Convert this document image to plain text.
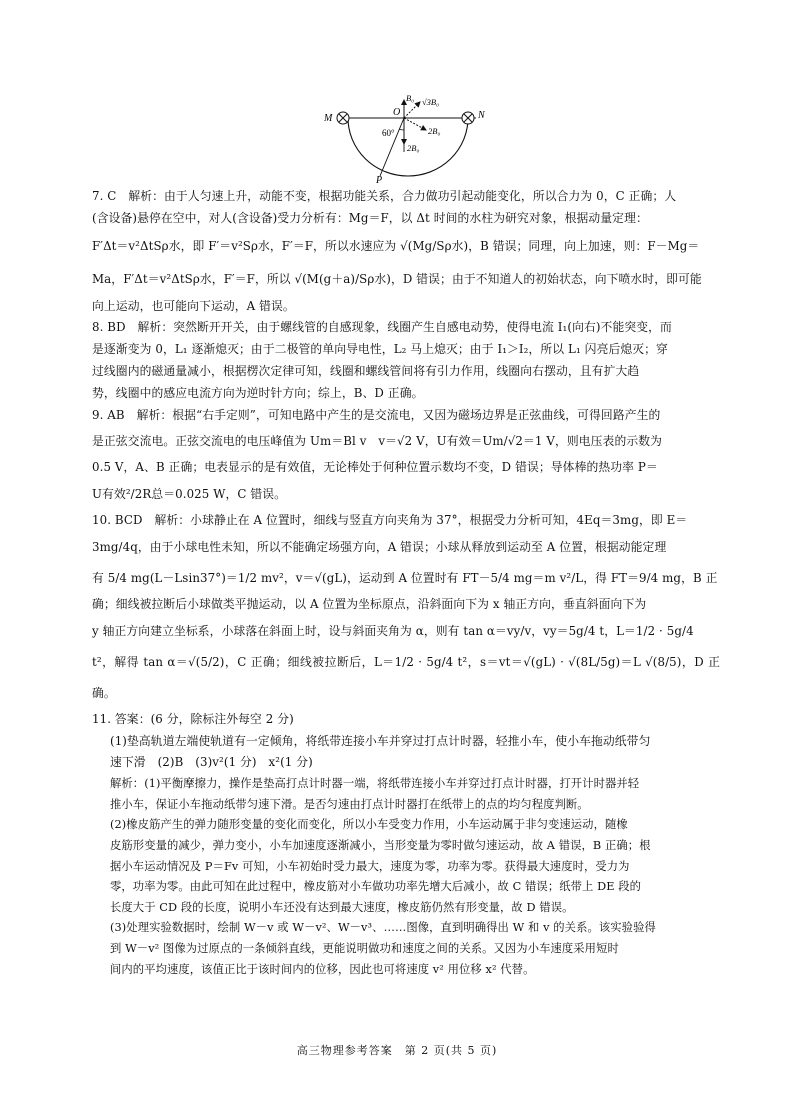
M	N
O
P
60°
B₀ √3B₀
2B₀
2B₀
7. C　解析：由于人匀速上升，动能不变，根据功能关系，合力做功引起动能变化，所以合力为 0，C 正确；人
(含设备)悬停在空中，对人(含设备)受力分析有：Mg＝F，以 Δt 时间的水柱为研究对象，根据动量定理：
F′Δt＝v²ΔtSρ水，即 F′＝v²Sρ水，F′＝F，所以水速应为 √(Mg/Sρ水)，B 错误；同理，向上加速，则：F－Mg＝
Ma，F′Δt＝v²ΔtSρ水，F′＝F，所以 √(M(g＋a)/Sρ水)，D 错误；由于不知道人的初始状态，向下喷水时，即可能
向上运动，也可能向下运动，A 错误。
8. BD　解析：突然断开开关，由于螺线管的自感现象，线圈产生自感电动势，使得电流 I₁(向右)不能突变，而
是逐渐变为 0，L₁ 逐渐熄灭；由于二极管的单向导电性，L₂ 马上熄灭；由于 I₁＞I₂，所以 L₁ 闪亮后熄灭；穿
过线圈内的磁通量减小，根据楞次定律可知，线圈和螺线管间将有引力作用，线圈向右摆动，且有扩大趋
势，线圈中的感应电流方向为逆时针方向；综上，B、D 正确。
9. AB　解析：根据“右手定则”，可知电路中产生的是交流电，又因为磁场边界是正弦曲线，可得回路产生的
是正弦交流电。正弦交流电的电压峰值为 Um＝Bl v　v＝√2 V，U有效＝Um/√2＝1 V，则电压表的示数为
0.5 V，A、B 正确；电表显示的是有效值，无论棒处于何种位置示数均不变，D 错误；导体棒的热功率 P＝
U有效²/2R总＝0.025 W，C 错误。
10. BCD　解析：小球静止在 A 位置时，细线与竖直方向夹角为 37°，根据受力分析可知，4Eq＝3mg，即 E＝
3mg/4q，由于小球电性未知，所以不能确定场强方向，A 错误；小球从释放到运动至 A 位置，根据动能定理
有 5/4 mg(L－Lsin37°)＝1/2 mv²，v＝√(gL)，运动到 A 位置时有 FT－5/4 mg＝m v²/L，得 FT＝9/4 mg，B 正
确；细线被拉断后小球做类平抛运动，以 A 位置为坐标原点，沿斜面向下为 x 轴正方向，垂直斜面向下为
y 轴正方向建立坐标系，小球落在斜面上时，设与斜面夹角为 α，则有 tan α＝vy/v，vy＝5g/4 t，L＝1/2 · 5g/4
t²，解得 tan α＝√(5/2)，C 正确；细线被拉断后，L＝1/2 · 5g/4 t²，s＝vt＝√(gL) · √(8L/5g)＝L √(8/5)，D 正确。
11. 答案：(6 分，除标注外每空 2 分)
(1)垫高轨道左端使轨道有一定倾角，将纸带连接小车并穿过打点计时器，轻推小车，使小车拖动纸带匀
速下滑　(2)B　(3)v²(1 分)　x²(1 分)
解析：(1)平衡摩擦力，操作是垫高打点计时器一端，将纸带连接小车并穿过打点计时器，打开计时器并轻
推小车，保证小车拖动纸带匀速下滑。是否匀速由打点计时器打在纸带上的点的均匀程度判断。
(2)橡皮筋产生的弹力随形变量的变化而变化，所以小车受变力作用，小车运动属于非匀变速运动，随橡
皮筋形变量的减少，弹力变小，小车加速度逐渐减小，当形变量为零时做匀速运动，故 A 错误，B 正确；根
据小车运动情况及 P＝Fv 可知，小车初始时受力最大，速度为零，功率为零。获得最大速度时，受力为
零，功率为零。由此可知在此过程中，橡皮筋对小车做功功率先增大后减小，故 C 错误；纸带上 DE 段的
长度大于 CD 段的长度，说明小车还没有达到最大速度，橡皮筋仍然有形变量，故 D 错误。
(3)处理实验数据时，绘制 W－v 或 W－v²、W－v³、……图像，直到明确得出 W 和 v 的关系。该实验验得
到 W－v² 图像为过原点的一条倾斜直线，更能说明做功和速度之间的关系。又因为小车速度采用短时
间内的平均速度，该值正比于该时间内的位移，因此也可将速度 v² 用位移 x² 代替。
高三物理参考答案　第 2 页(共 5 页)
